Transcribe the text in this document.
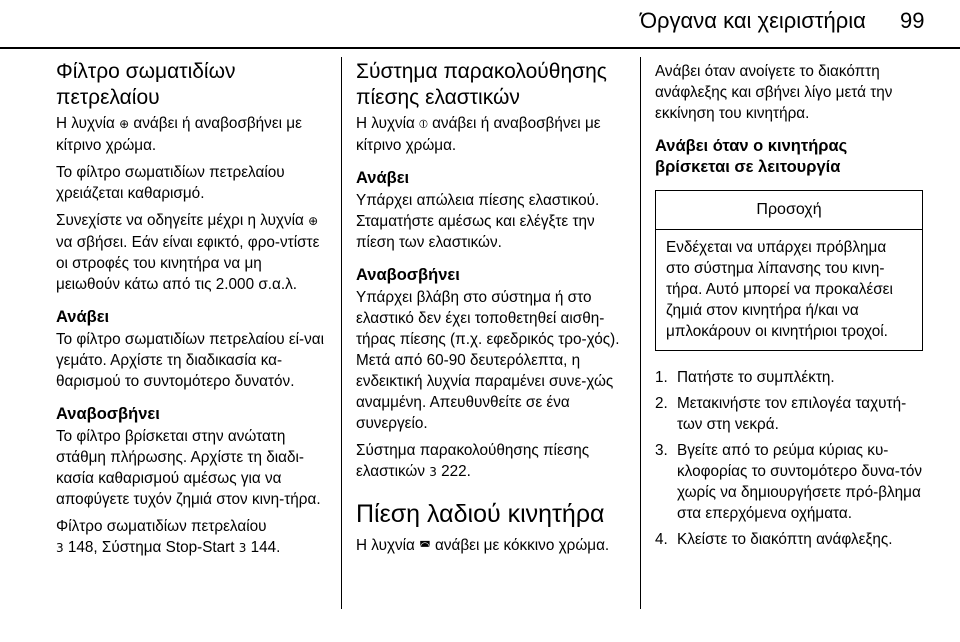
Όργανα και χειριστήρια 99
Φίλτρο σωματιδίων πετρελαίου

Η λυχνία ⊕ ανάβει ή αναβοσβήνει με κίτρινο χρώμα.

Το φίλτρο σωματιδίων πετρελαίου χρειάζεται καθαρισμό.

Συνεχίστε να οδηγείτε μέχρι η λυχνία ⊕ να σβήσει. Εάν είναι εφικτό, φρο-ντίστε οι στροφές του κινητήρα να μη μειωθούν κάτω από τις 2.000 σ.α.λ.

Ανάβει

Το φίλτρο σωματιδίων πετρελαίου εί-ναι γεμάτο. Αρχίστε τη διαδικασία κα-θαρισμού το συντομότερο δυνατόν.

Αναβοσβήνει

Το φίλτρο βρίσκεται στην ανώτατη στάθμη πλήρωσης. Αρχίστε τη διαδι-κασία καθαρισμού αμέσως για να αποφύγετε τυχόν ζημιά στον κινη-τήρα.

Φίλτρο σωματιδίων πετρελαίου
3 148, Σύστημα Stop-Start 3 144.

Σύστημα παρακολούθησης πίεσης ελαστικών

Η λυχνία ⦶ ανάβει ή αναβοσβήνει με κίτρινο χρώμα.

Ανάβει

Υπάρχει απώλεια πίεσης ελαστικού. Σταματήστε αμέσως και ελέγξτε την πίεση των ελαστικών.

Αναβοσβήνει

Υπάρχει βλάβη στο σύστημα ή στο ελαστικό δεν έχει τοποθετηθεί αισθη-τήρας πίεσης (π.χ. εφεδρικός τρο-χός). Μετά από 60-90 δευτερόλεπτα, η ενδεικτική λυχνία παραμένει συνε-χώς αναμμένη. Απευθυνθείτε σε ένα συνεργείο.

Σύστημα παρακολούθησης πίεσης ελαστικών 3 222.

Πίεση λαδιού κινητήρα

Η λυχνία ◚ ανάβει με κόκκινο χρώμα.

Ανάβει όταν ανοίγετε το διακόπτη ανάφλεξης και σβήνει λίγο μετά την εκκίνηση του κινητήρα.

Ανάβει όταν ο κινητήρας βρίσκεται σε λειτουργία
Προσοχή
Ενδέχεται να υπάρχει πρόβλημα στο σύστημα λίπανσης του κινη-τήρα. Αυτό μπορεί να προκαλέσει ζημιά στον κινητήρα ή/και να μπλοκάρουν οι κινητήριοι τροχοί.
1. Πατήστε το συμπλέκτη.
2. Μετακινήστε τον επιλογέα ταχυτή-των στη νεκρά.
3. Βγείτε από το ρεύμα κύριας κυ-κλοφορίας το συντομότερο δυνα-τόν χωρίς να δημιουργήσετε πρό-βλημα στα επερχόμενα οχήματα.
4. Κλείστε το διακόπτη ανάφλεξης.
